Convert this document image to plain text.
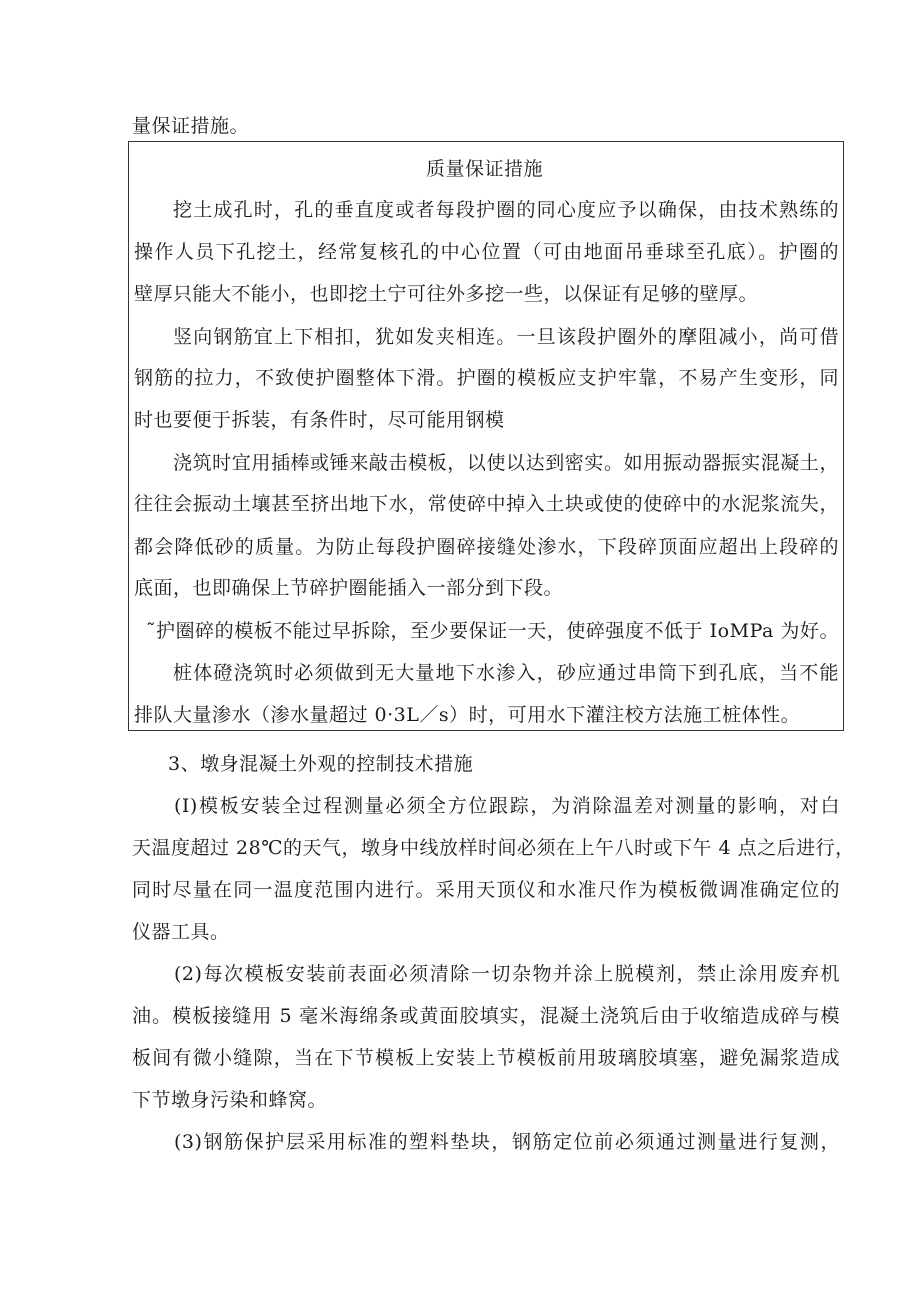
量保证措施。
质量保证措施
挖土成孔时，孔的垂直度或者每段护圈的同心度应予以确保，由技术熟练的
操作人员下孔挖土，经常复核孔的中心位置（可由地面吊垂球至孔底）。护圈的
壁厚只能大不能小，也即挖土宁可往外多挖一些，以保证有足够的壁厚。
竖向钢筋宜上下相扣，犹如发夹相连。一旦该段护圈外的摩阻减小，尚可借
钢筋的拉力，不致使护圈整体下滑。护圈的模板应支护牢靠，不易产生变形，同
时也要便于拆装，有条件时，尽可能用钢模
浇筑时宜用插棒或锤来敲击模板，以使以达到密实。如用振动器振实混凝土，
往往会振动土壤甚至挤出地下水，常使碎中掉入土块或使的使碎中的水泥浆流失，
都会降低砂的质量。为防止每段护圈碎接缝处渗水，下段碎顶面应超出上段碎的
底面，也即确保上节碎护圈能插入一部分到下段。
˜护圈碎的模板不能过早拆除，至少要保证一天，使碎强度不低于 IoMPa 为好。
桩体磴浇筑时必须做到无大量地下水渗入，砂应通过串筒下到孔底，当不能
排队大量渗水（渗水量超过 0·3L／s）时，可用水下灌注校方法施工桩体性。
3、墩身混凝土外观的控制技术措施
(I)模板安装全过程测量必须全方位跟踪，为消除温差对测量的影响，对白
天温度超过 28℃的天气，墩身中线放样时间必须在上午八时或下午 4 点之后进行，
同时尽量在同一温度范围内进行。采用天顶仪和水准尺作为模板微调准确定位的
仪器工具。
(2)每次模板安装前表面必须清除一切杂物并涂上脱模剂，禁止涂用废弃机
油。模板接缝用 5 毫米海绵条或黄面胶填实，混凝土浇筑后由于收缩造成碎与模
板间有微小缝隙，当在下节模板上安装上节模板前用玻璃胶填塞，避免漏浆造成
下节墩身污染和蜂窝。
(3)钢筋保护层采用标准的塑料垫块，钢筋定位前必须通过测量进行复测，
